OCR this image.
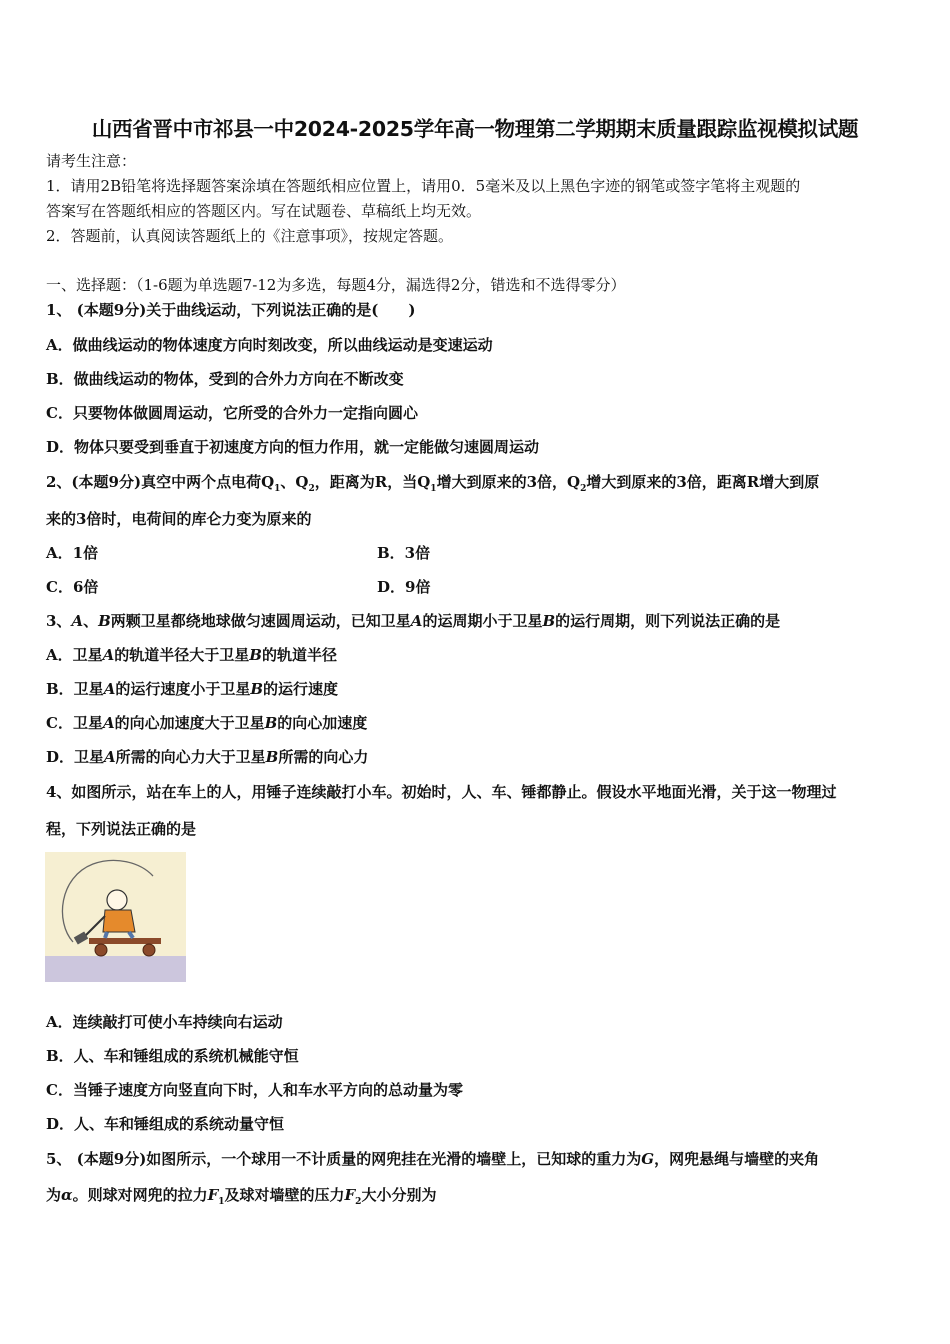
山西省晋中市祁县一中2024-2025学年高一物理第二学期期末质量跟踪监视模拟试题
请考生注意：
1．请用2B铅笔将选择题答案涂填在答题纸相应位置上，请用0．5毫米及以上黑色字迹的钢笔或签字笔将主观题的
答案写在答题纸相应的答题区内。写在试题卷、草稿纸上均无效。
2．答题前，认真阅读答题纸上的《注意事项》，按规定答题。
一、选择题：（1-6题为单选题7-12为多选，每题4分，漏选得2分，错选和不选得零分）
1、 (本题9分)关于曲线运动，下列说法正确的是(　　)
A．做曲线运动的物体速度方向时刻改变，所以曲线运动是变速运动
B．做曲线运动的物体，受到的合外力方向在不断改变
C．只要物体做圆周运动，它所受的合外力一定指向圆心
D．物体只要受到垂直于初速度方向的恒力作用，就一定能做匀速圆周运动
2、(本题9分)真空中两个点电荷$Q_1$、$Q_2$，距离为R，当$Q_1$增大到原来的3倍，$Q_2$增大到原来的3倍，距离R增大到原
来的3倍时，电荷间的库仑力变为原来的
A．1倍	B．3倍
C．6倍	D．9倍
3、A、B两颗卫星都绕地球做匀速圆周运动，已知卫星A的运周期小于卫星B的运行周期，则下列说法正确的是
A．卫星A的轨道半径大于卫星B的轨道半径
B．卫星A的运行速度小于卫星B的运行速度
C．卫星A的向心加速度大于卫星B的向心加速度
D．卫星A所需的向心力大于卫星B所需的向心力
4、如图所示，站在车上的人，用锤子连续敲打小车。初始时，人、车、锤都静止。假设水平地面光滑，关于这一物理过
程，下列说法正确的是
A．连续敲打可使小车持续向右运动
B．人、车和锤组成的系统机械能守恒
C．当锤子速度方向竖直向下时，人和车水平方向的总动量为零
D．人、车和锤组成的系统动量守恒
5、 (本题9分)如图所示，一个球用一不计质量的网兜挂在光滑的墙壁上，已知球的重力为G，网兜悬绳与墙壁的夹角
为α。则球对网兜的拉力$F_1$及球对墙壁的压力$F_2$大小分别为
